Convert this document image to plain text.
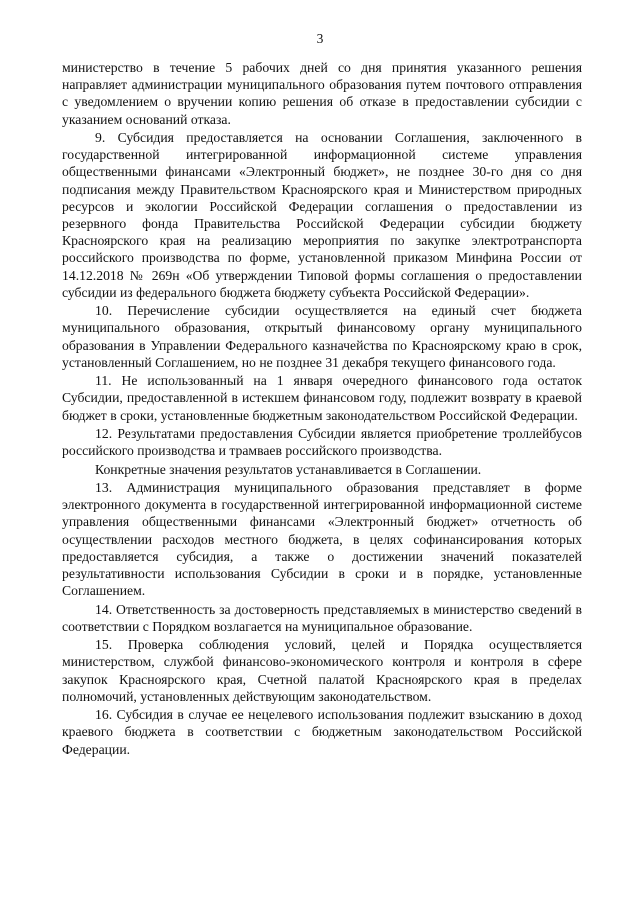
3

министерство в течение 5 рабочих дней со дня принятия указанного решения направляет администрации муниципального образования путем почтового отправления с уведомлением о вручении копию решения об отказе в предоставлении субсидии с указанием оснований отказа.

9. Субсидия предоставляется на основании Соглашения, заключенного в государственной интегрированной информационной системе управления общественными финансами «Электронный бюджет», не позднее 30-го дня со дня подписания между Правительством Красноярского края и Министерством природных ресурсов и экологии Российской Федерации соглашения о предоставлении из резервного фонда Правительства Российской Федерации субсидии бюджету Красноярского края на реализацию мероприятия по закупке электротранспорта российского производства по форме, установленной приказом Минфина России от 14.12.2018 № 269н «Об утверждении Типовой формы соглашения о предоставлении субсидии из федерального бюджета бюджету субъекта Российской Федерации».

10. Перечисление субсидии осуществляется на единый счет бюджета муниципального образования, открытый финансовому органу муниципального образования в Управлении Федерального казначейства по Красноярскому краю в срок, установленный Соглашением, но не позднее 31 декабря текущего финансового года.

11. Не использованный на 1 января очередного финансового года остаток Субсидии, предоставленной в истекшем финансовом году, подлежит возврату в краевой бюджет в сроки, установленные бюджетным законодательством Российской Федерации.

12. Результатами предоставления Субсидии является приобретение троллейбусов российского производства и трамваев российского производства.

Конкретные значения результатов устанавливается в Соглашении.

13. Администрация муниципального образования представляет в форме электронного документа в государственной интегрированной информационной системе управления общественными финансами «Электронный бюджет» отчетность об осуществлении расходов местного бюджета, в целях софинансирования которых предоставляется субсидия, а также о достижении значений показателей результативности использования Субсидии в сроки и в порядке, установленные Соглашением.

14. Ответственность за достоверность представляемых в министерство сведений в соответствии с Порядком возлагается на муниципальное образование.

15. Проверка соблюдения условий, целей и Порядка осуществляется министерством, службой финансово-экономического контроля и контроля в сфере закупок Красноярского края, Счетной палатой Красноярского края в пределах полномочий, установленных действующим законодательством.

16. Субсидия в случае ее нецелевого использования подлежит взысканию в доход краевого бюджета в соответствии с бюджетным законодательством Российской Федерации.
